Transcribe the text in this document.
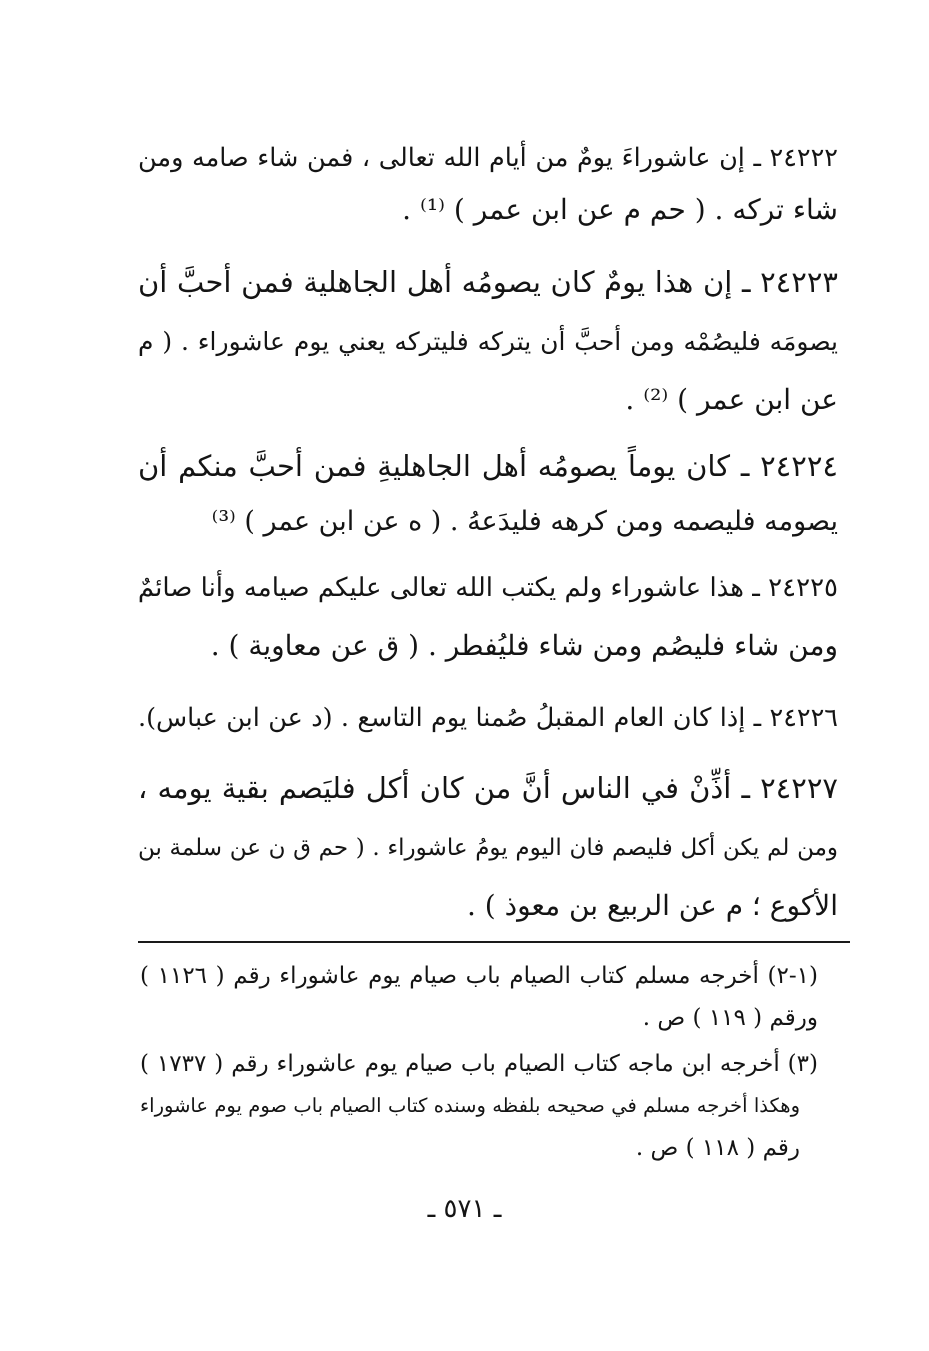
٢٤٢٢٢ ـ إن عاشوراءَ يومٌ من أيام الله تعالى ، فمن شاء صامه ومن
شاء تركه . ( حم م عن ابن عمر ) ⁽¹⁾ .
٢٤٢٢٣ ـ إن هذا يومٌ كان يصومُه أهل الجاهلية فمن أحبَّ أن
يصومَه فليصُمْه ومن أحبَّ أن يتركه فليتركه يعني يوم عاشوراء . ( م
عن ابن عمر ) ⁽²⁾ .
٢٤٢٢٤ ـ كان يوماً يصومُه أهل الجاهليةِ فمن أحبَّ منكم أن
يصومه فليصمه ومن كرهه فليدَعهُ . ( ه عن ابن عمر ) ⁽³⁾
٢٤٢٢٥ ـ هذا عاشوراء ولم يكتب الله تعالى عليكم صيامه وأنا صائمٌ
ومن شاء فليصُم ومن شاء فليُفطر . ( ق عن معاوية ) .
٢٤٢٢٦ ـ إذا كان العام المقبلُ صُمنا يوم التاسع . (د عن ابن عباس).
٢٤٢٢٧ ـ أذِّنْ في الناس أنَّ من كان أكل فليَصم بقية يومه ،
ومن لم يكن أكل فليصم فان اليوم يومُ عاشوراء . ( حم ق ن عن سلمة بن
الأكوع ؛ م عن الربيع بن معوذ ) .
(١-٢) أخرجه مسلم كتاب الصيام باب صيام يوم عاشوراء رقم ( ١١٢٦ )
ورقم ( ١١٩ ) ص .
(٣) أخرجه ابن ماجه كتاب الصيام باب صيام يوم عاشوراء رقم ( ١٧٣٧ )
وهكذا أخرجه مسلم في صحيحه بلفظه وسنده كتاب الصيام باب صوم يوم عاشوراء
رقم ( ١١٨ ) ص .
ـ ٥٧١ ـ
